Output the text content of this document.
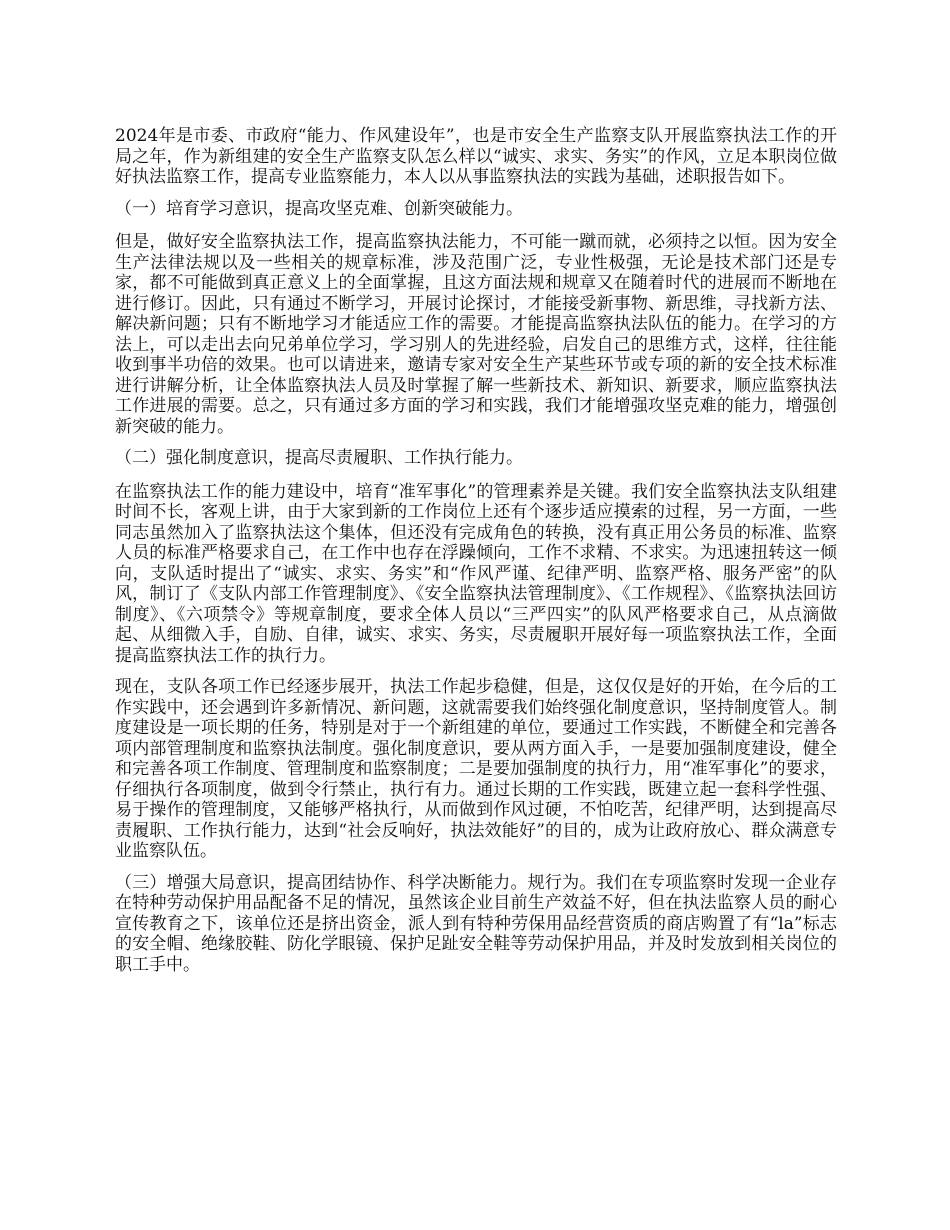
2024年是市委、市政府“能力、作风建设年”，也是市安全生产监察支队开展监察执法工作的开局之年，作为新组建的安全生产监察支队怎么样以“诚实、求实、务实”的作风，立足本职岗位做好执法监察工作，提高专业监察能力，本人以从事监察执法的实践为基础，述职报告如下。

（一）培育学习意识，提高攻坚克难、创新突破能力。

但是，做好安全监察执法工作，提高监察执法能力，不可能一蹴而就，必须持之以恒。因为安全生产法律法规以及一些相关的规章标准，涉及范围广泛，专业性极强，无论是技术部门还是专家，都不可能做到真正意义上的全面掌握，且这方面法规和规章又在随着时代的进展而不断地在进行修订。因此，只有通过不断学习，开展讨论探讨，才能接受新事物、新思维，寻找新方法、解决新问题；只有不断地学习才能适应工作的需要。才能提高监察执法队伍的能力。在学习的方法上，可以走出去向兄弟单位学习，学习别人的先进经验，启发自己的思维方式，这样，往往能收到事半功倍的效果。也可以请进来，邀请专家对安全生产某些环节或专项的新的安全技术标准进行讲解分析，让全体监察执法人员及时掌握了解一些新技术、新知识、新要求，顺应监察执法工作进展的需要。总之，只有通过多方面的学习和实践，我们才能增强攻坚克难的能力，增强创新突破的能力。

（二）强化制度意识，提高尽责履职、工作执行能力。

在监察执法工作的能力建设中，培育“准军事化”的管理素养是关键。我们安全监察执法支队组建时间不长，客观上讲，由于大家到新的工作岗位上还有个逐步适应摸索的过程，另一方面，一些同志虽然加入了监察执法这个集体，但还没有完成角色的转换，没有真正用公务员的标准、监察人员的标准严格要求自己，在工作中也存在浮躁倾向，工作不求精、不求实。为迅速扭转这一倾向，支队适时提出了“诚实、求实、务实”和“作风严谨、纪律严明、监察严格、服务严密”的队风，制订了《支队内部工作管理制度》、《安全监察执法管理制度》、《工作规程》、《监察执法回访制度》、《六项禁令》等规章制度，要求全体人员以“三严四实”的队风严格要求自己，从点滴做起、从细微入手，自励、自律，诚实、求实、务实，尽责履职开展好每一项监察执法工作，全面提高监察执法工作的执行力。

现在，支队各项工作已经逐步展开，执法工作起步稳健，但是，这仅仅是好的开始，在今后的工作实践中，还会遇到许多新情况、新问题，这就需要我们始终强化制度意识，坚持制度管人。制度建设是一项长期的任务，特别是对于一个新组建的单位，要通过工作实践，不断健全和完善各项内部管理制度和监察执法制度。强化制度意识，要从两方面入手，一是要加强制度建设，健全和完善各项工作制度、管理制度和监察制度；二是要加强制度的执行力，用“准军事化”的要求，仔细执行各项制度，做到令行禁止，执行有力。通过长期的工作实践，既建立起一套科学性强、易于操作的管理制度，又能够严格执行，从而做到作风过硬，不怕吃苦，纪律严明，达到提高尽责履职、工作执行能力，达到“社会反响好，执法效能好”的目的，成为让政府放心、群众满意专业监察队伍。

（三）增强大局意识，提高团结协作、科学决断能力。规行为。我们在专项监察时发现一企业存在特种劳动保护用品配备不足的情况，虽然该企业目前生产效益不好，但在执法监察人员的耐心宣传教育之下，该单位还是挤出资金，派人到有特种劳保用品经营资质的商店购置了有“la”标志的安全帽、绝缘胶鞋、防化学眼镜、保护足趾安全鞋等劳动保护用品，并及时发放到相关岗位的职工手中。
